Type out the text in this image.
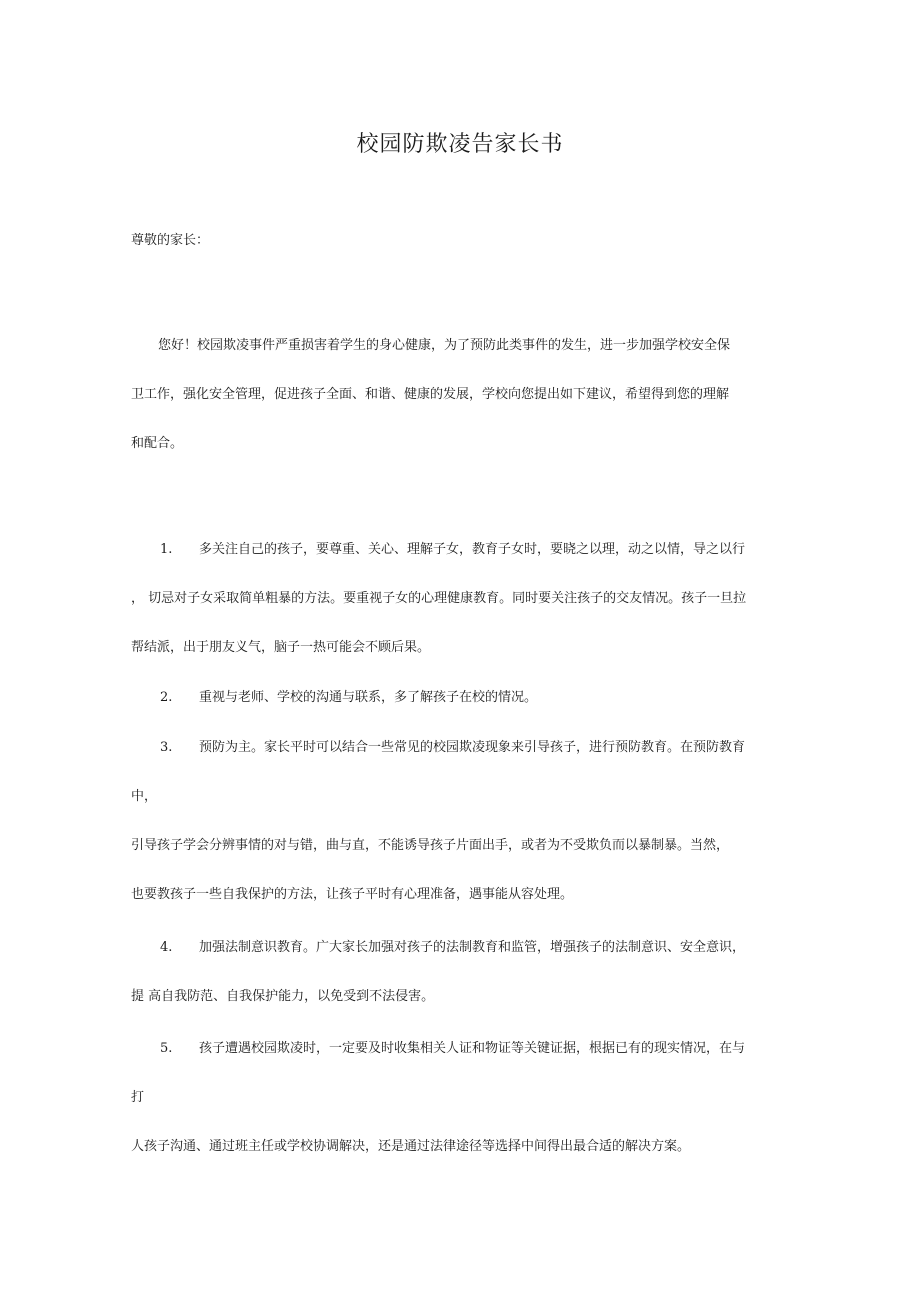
校园防欺凌告家长书
尊敬的家长：
您好！校园欺凌事件严重损害着学生的身心健康，为了预防此类事件的发生，进一步加强学校安全保
卫工作，强化安全管理，促进孩子全面、和谐、健康的发展，学校向您提出如下建议，希望得到您的理解
和配合。
1. 多关注自己的孩子，要尊重、关心、理解子女，教育子女时，要晓之以理，动之以情，导之以行
， 切忌对子女采取简单粗暴的方法。要重视子女的心理健康教育。同时要关注孩子的交友情况。孩子一旦拉
帮结派，出于朋友义气，脑子一热可能会不顾后果。
2. 重视与老师、学校的沟通与联系，多了解孩子在校的情况。
3. 预防为主。家长平时可以结合一些常见的校园欺凌现象来引导孩子，进行预防教育。在预防教育
中，
引导孩子学会分辨事情的对与错，曲与直，不能诱导孩子片面出手，或者为不受欺负而以暴制暴。当然，
也要教孩子一些自我保护的方法，让孩子平时有心理准备，遇事能从容处理。
4. 加强法制意识教育。广大家长加强对孩子的法制教育和监管，增强孩子的法制意识、安全意识，
提 高自我防范、自我保护能力，以免受到不法侵害。
5. 孩子遭遇校园欺凌时，一定要及时收集相关人证和物证等关键证据，根据已有的现实情况，在与
打
人孩子沟通、通过班主任或学校协调解决，还是通过法律途径等选择中间得出最合适的解决方案。
